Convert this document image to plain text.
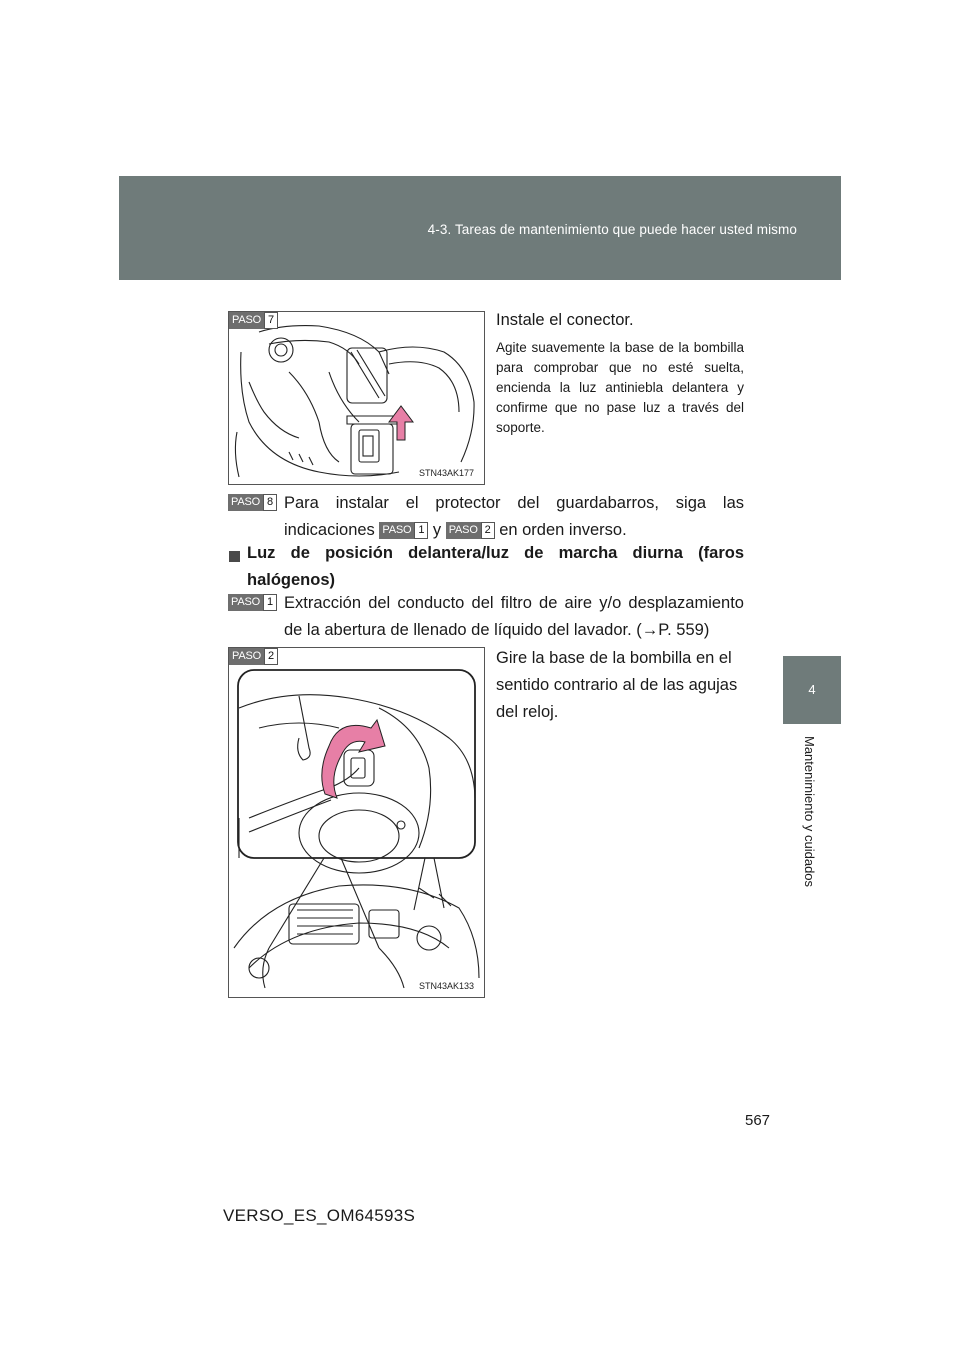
4-3. Tareas de mantenimiento que puede hacer usted mismo
4
Mantenimiento y cuidados
PASO 7
STN43AK177
Instale el conector.
Agite suavemente la base de la bombilla para comprobar que no esté suelta, encienda la luz antiniebla delantera y confirme que no pase luz a través del soporte.
PASO 8 Para instalar el protector del guardabarros, siga las indicaciones PASO 1 y PASO 2 en orden inverso.
Luz de posición delantera/luz de marcha diurna (faros halógenos)
PASO 1 Extracción del conducto del filtro de aire y/o desplazamiento de la abertura de llenado de líquido del lavador. (→P. 559)
PASO 2
STN43AK133
Gire la base de la bombilla en el sentido contrario al de las agujas del reloj.
567
VERSO_ES_OM64593S
